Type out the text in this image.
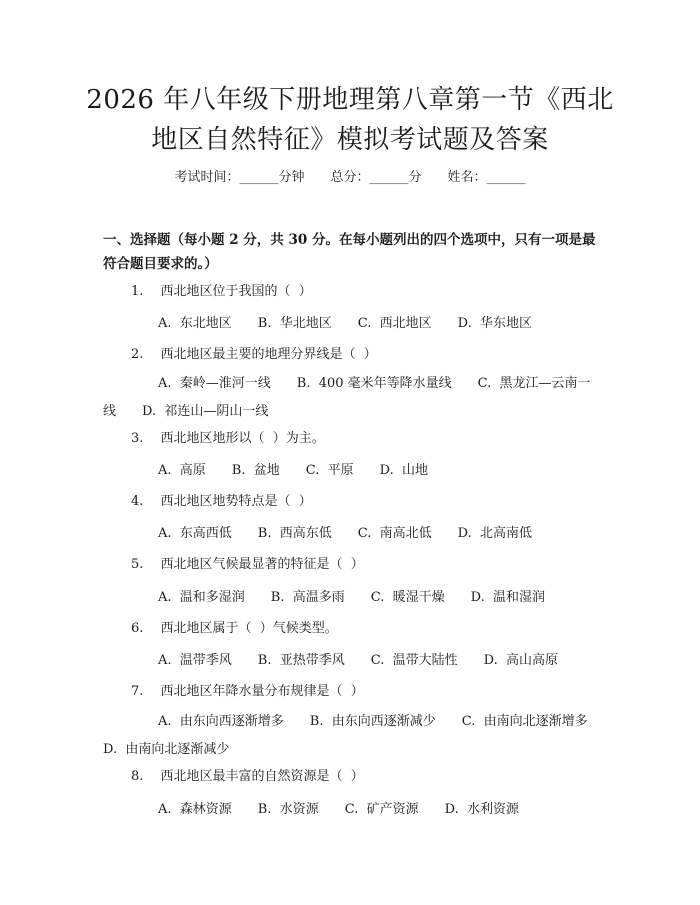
2026 年八年级下册地理第八章第一节《西北
地区自然特征》模拟考试题及答案
考试时间：______分钟　　总分：______分　　姓名：______
一、选择题（每小题 2 分，共 30 分。在每小题列出的四个选项中，只有一项是最符合题目要求的。）
1.　 西北地区位于我国的（  ）
A.  东北地区　　B.  华北地区　　C.  西北地区　　D.  华东地区
2.　 西北地区最主要的地理分界线是（  ）
A.  秦岭—淮河一线　　B.  400 毫米年等降水量线　　C.  黑龙江—云南一线　　D.  祁连山—阴山一线
3.　 西北地区地形以（  ）为主。
A.  高原　　B.  盆地　　C.  平原　　D.  山地
4.　 西北地区地势特点是（  ）
A.  东高西低　　B.  西高东低　　C.  南高北低　　D.  北高南低
5.　 西北地区气候最显著的特征是（  ）
A.  温和多湿润　　B.  高温多雨　　C.  暖湿干燥　　D.  温和湿润
6.　 西北地区属于（  ）气候类型。
A.  温带季风　　B.  亚热带季风　　C.  温带大陆性　　D.  高山高原
7.　 西北地区年降水量分布规律是（  ）
A.  由东向西逐渐增多　　B.  由东向西逐渐减少　　C.  由南向北逐渐增多　　D.  由南向北逐渐减少
8.　 西北地区最丰富的自然资源是（  ）
A.  森林资源　　B.  水资源　　C.  矿产资源　　D.  水利资源
